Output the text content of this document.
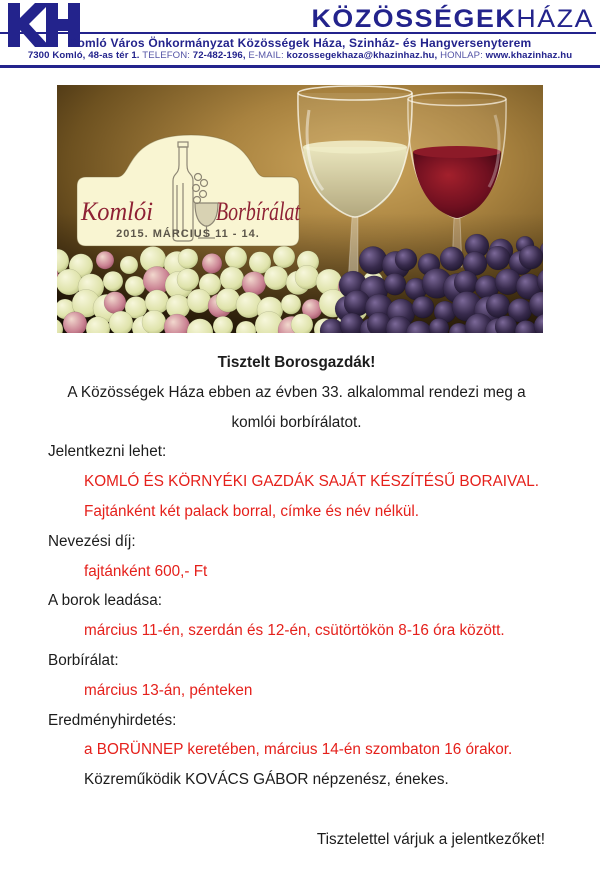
KÖZÖSSÉGEKHÁZA
Komló Város Önkormányzat Közösségek Háza, Szinház- és Hangversenyterem
7300 Komló, 48-as tér 1. TELEFON: 72-482-196, E-MAIL: kozossegekhaza@khazinhaz.hu, HONLAP: www.khazinhaz.hu
Komlói Borbírálat
2015. MÁRCIUS 11 - 14.

Tisztelt Borosgazdák!

A Közösségek Háza ebben az évben 33. alkalommal rendezi meg a

komlói borbírálatot.

Jelentkezni lehet:

KOMLÓ ÉS KÖRNYÉKI GAZDÁK SAJÁT KÉSZÍTÉSŰ BORAIVAL.

Fajtánként két palack borral, címke és név nélkül.

Nevezési díj:

fajtánként 600,- Ft

A borok leadása:

március 11-én, szerdán és 12-én, csütörtökön 8-16 óra között.

Borbírálat:

március 13-án, pénteken

Eredményhirdetés:

a BORÜNNEP keretében, március 14-én szombaton 16 órakor.

Közreműködik KOVÁCS GÁBOR népzenész, énekes.

Tisztelettel várjuk a jelentkezőket!
